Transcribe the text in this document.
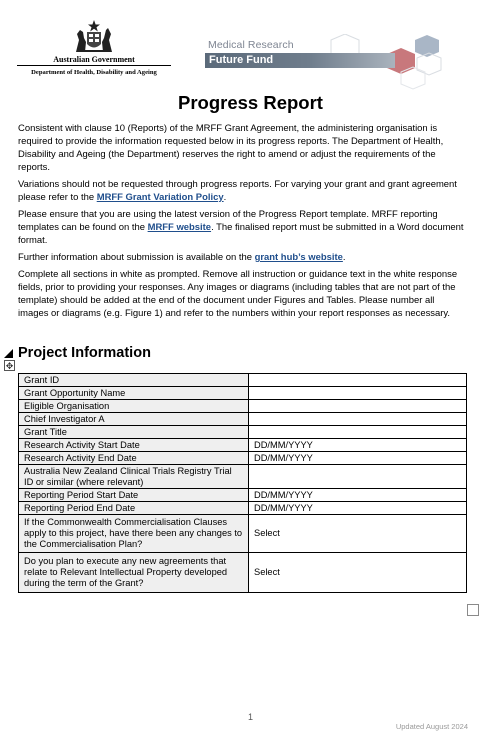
Australian Government
Department of Health, Disability and Ageing
Medical Research
Future Fund
Progress Report

Consistent with clause 10 (Reports) of the MRFF Grant Agreement, the administering organisation is required to provide the information requested below in its progress reports. The Department of Health, Disability and Ageing (the Department) reserves the right to amend or adjust the requirements of the reports.

Variations should not be requested through progress reports. For varying your grant and grant agreement please refer to the MRFF Grant Variation Policy.

Please ensure that you are using the latest version of the Progress Report template. MRFF reporting templates can be found on the MRFF website. The finalised report must be submitted in a Word document format.

Further information about submission is available on the grant hub’s website.

Complete all sections in white as prompted. Remove all instruction or guidance text in the white response fields, prior to providing your responses. Any images or diagrams (including tables that are not part of the template) should be added at the end of the document under Figures and Tables. Please number all images or diagrams (e.g. Figure 1) and refer to the numbers within your report responses as necessary.

Project Information
✥
Grant ID	
Grant Opportunity Name	
Eligible Organisation	
Chief Investigator A	
Grant Title	
Research Activity Start Date	DD/MM/YYYY
Research Activity End Date	DD/MM/YYYY
Australia New Zealand Clinical Trials Registry Trial ID or similar (where relevant)	
Reporting Period Start Date	DD/MM/YYYY
Reporting Period End Date	DD/MM/YYYY
If the Commonwealth Commercialisation Clauses apply to this project, have there been any changes to the Commercialisation Plan?	Select
Do you plan to execute any new agreements that relate to Relevant Intellectual Property developed during the term of the Grant?	Select
1
Updated August 2024
